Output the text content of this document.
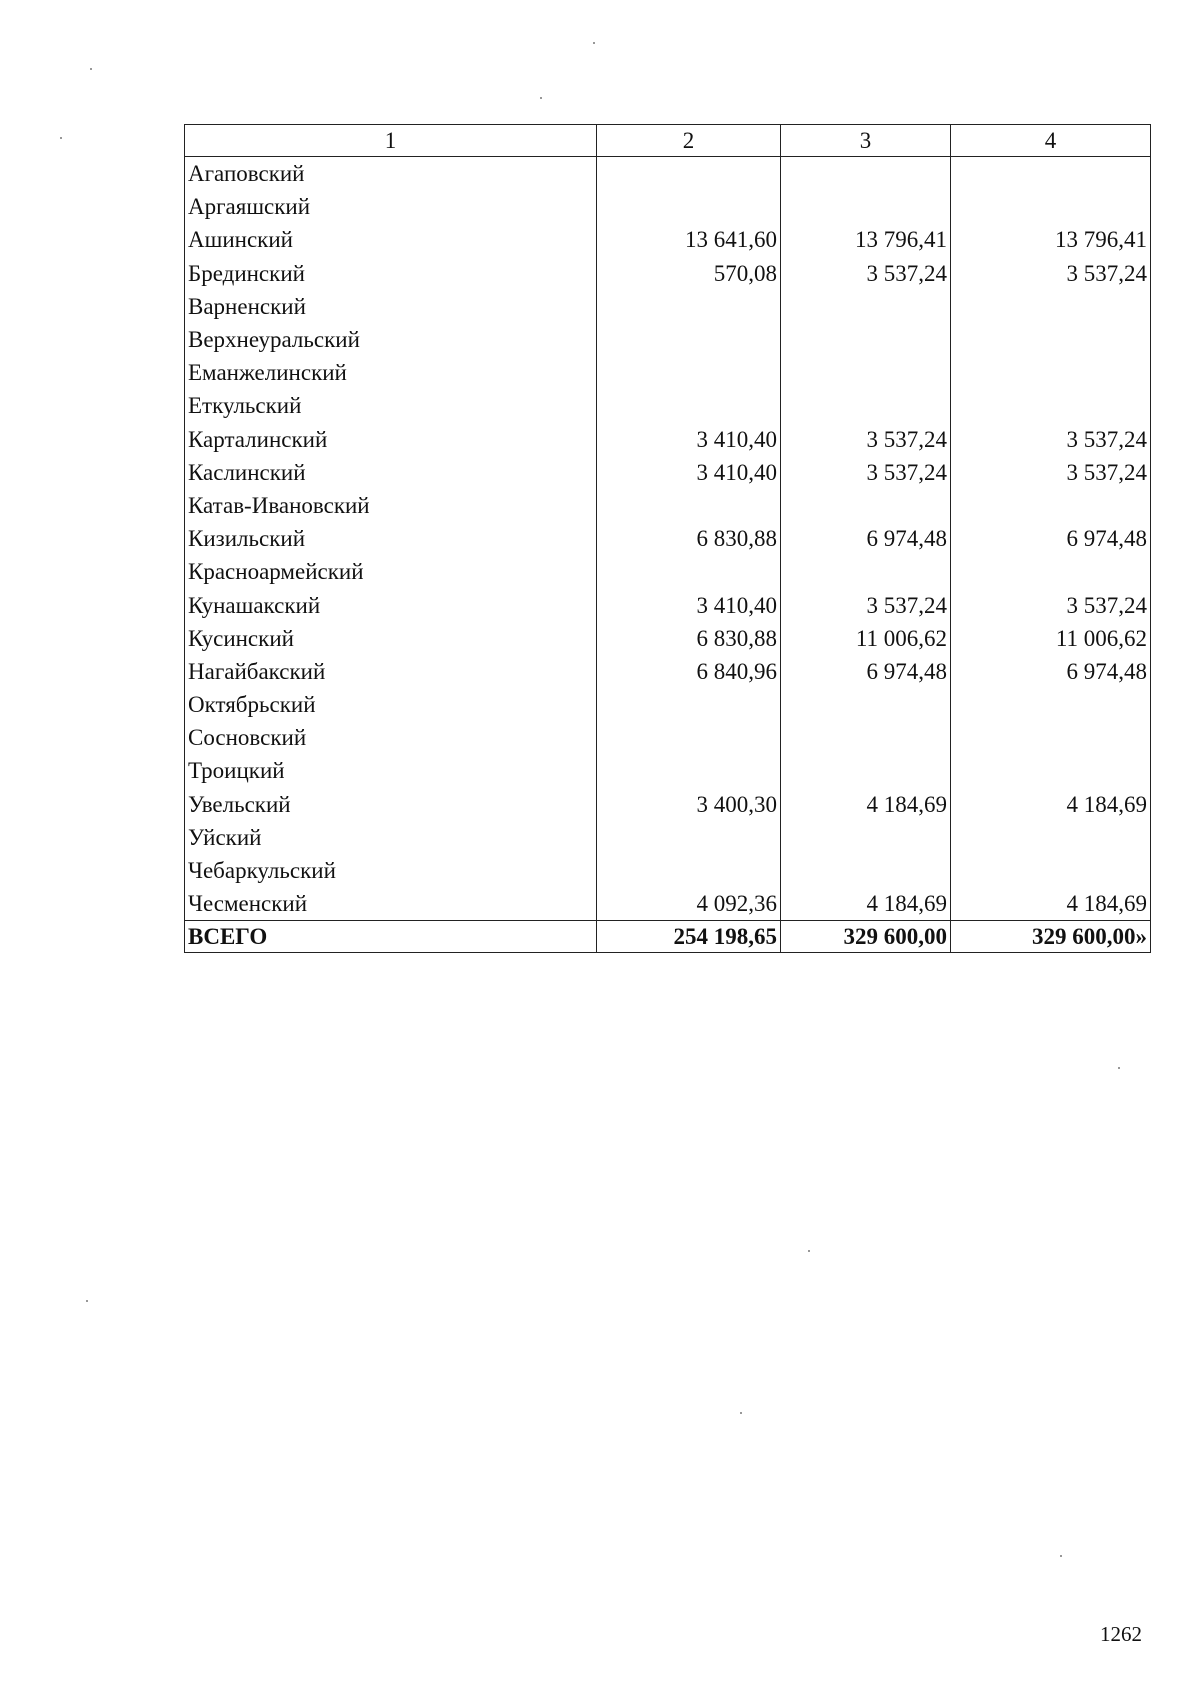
1	2	3	4
Агаповский			
Аргаяшский			
Ашинский	13 641,60	13 796,41	13 796,41
Брединский	570,08	3 537,24	3 537,24
Варненский			
Верхнеуральский			
Еманжелинский			
Еткульский			
Карталинский	3 410,40	3 537,24	3 537,24
Каслинский	3 410,40	3 537,24	3 537,24
Катав-Ивановский			
Кизильский	6 830,88	6 974,48	6 974,48
Красноармейский			
Кунашакский	3 410,40	3 537,24	3 537,24
Кусинский	6 830,88	11 006,62	11 006,62
Нагайбакский	6 840,96	6 974,48	6 974,48
Октябрьский			
Сосновский			
Троицкий			
Увельский	3 400,30	4 184,69	4 184,69
Уйский			
Чебаркульский			
Чесменский	4 092,36	4 184,69	4 184,69
ВСЕГО	254 198,65	329 600,00	329 600,00»
1262
